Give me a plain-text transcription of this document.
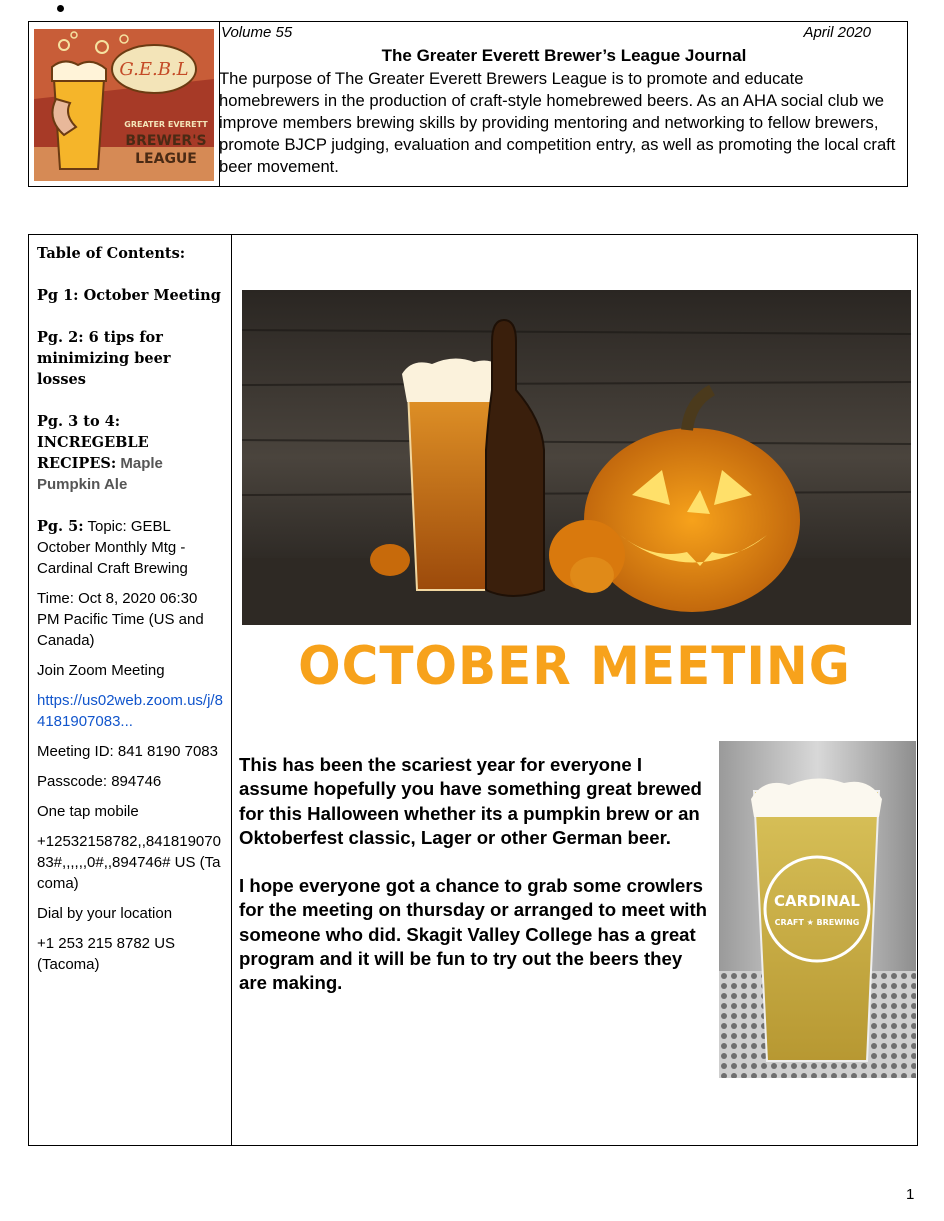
G.E.B.L
GREATER EVERETT
BREWER'S
LEAGUE
Volume 55	April 2020
The Greater Everett Brewer’s League Journal
The purpose of The Greater Everett Brewers League is to promote and educate homebrewers in the production of craft-style homebrewed beers. As an AHA social club we improve members brewing skills by providing mentoring and networking to fellow brewers, promote BJCP judging, evaluation and competition entry, as well as promoting the local craft beer movement.

Table of Contents:

Pg 1: October Meeting

Pg. 2: 6 tips for minimizing beer losses

Pg. 3 to 4: INCREGEBLE RECIPES: Maple Pumpkin Ale

Pg. 5: Topic: GEBL October Monthly Mtg - Cardinal Craft Brewing

Time: Oct 8, 2020 06:30 PM Pacific Time (US and Canada)

Join Zoom Meeting

https://us02web.zoom.us/j/84181907083...

Meeting ID: 841 8190 7083

Passcode: 894746

One tap mobile

+12532158782,,84181907083#,,,,,,0#,,894746# US (Tacoma)

Dial by your location

+1 253 215 8782 US (Tacoma)

OCTOBER MEETING

This has been the scariest year for everyone I assume hopefully you have something great brewed for this Halloween whether its a pumpkin brew or an Oktoberfest classic, Lager or other German beer.

I hope everyone got a chance to grab some crowlers for the meeting on thursday or arranged to meet with someone who did. Skagit Valley College has a great program and it will be fun to try out the beers they are making.

CARDINAL
CRAFT ★ BREWING
1
